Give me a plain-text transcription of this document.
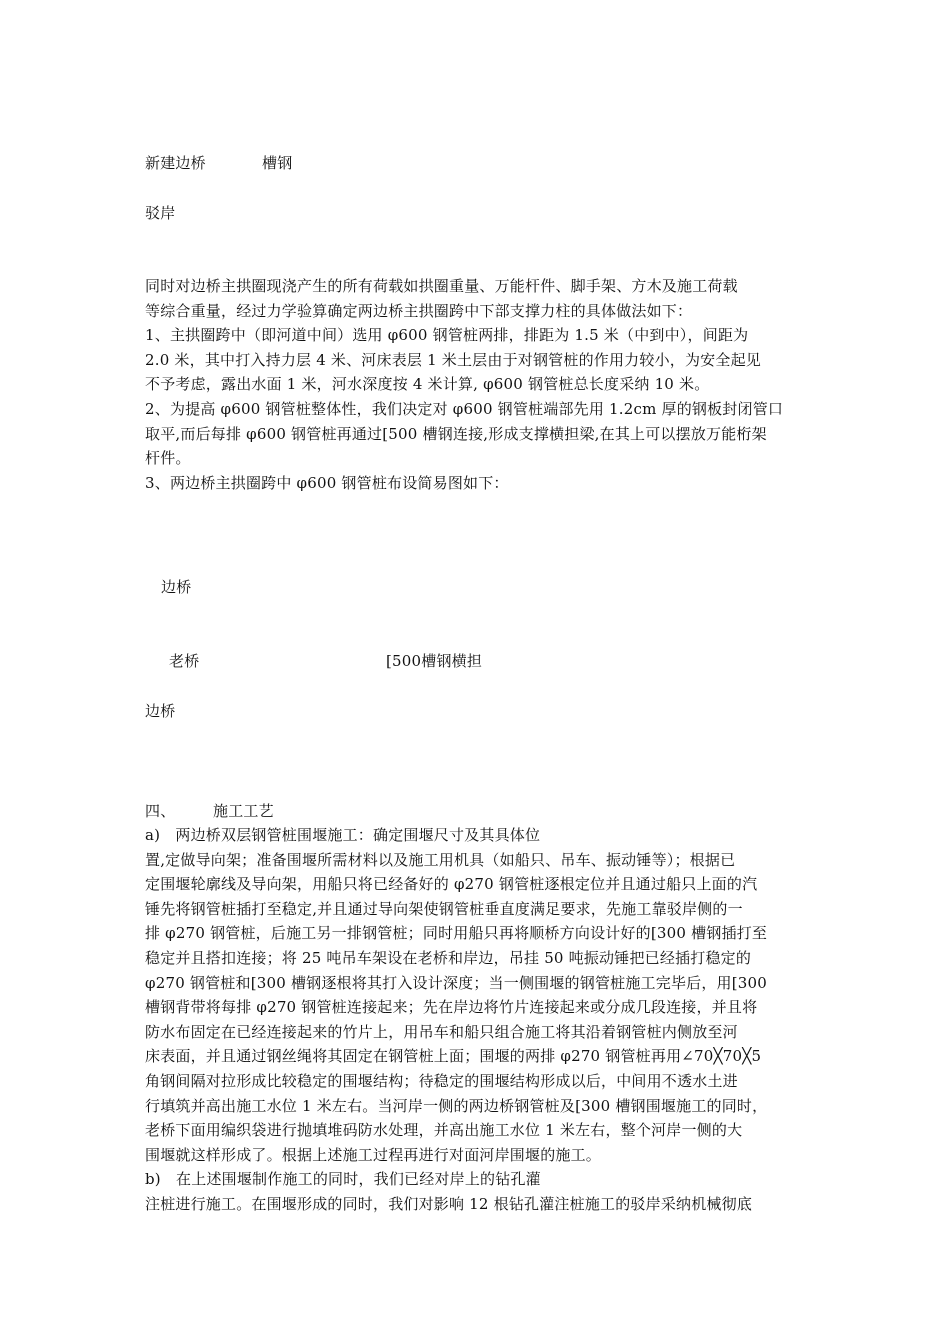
新建边桥	槽钢
驳岸
同时对边桥主拱圈现浇产生的所有荷载如拱圈重量、万能杆件、脚手架、方木及施工荷载
等综合重量，经过力学验算确定两边桥主拱圈跨中下部支撑力柱的具体做法如下：
1、主拱圈跨中（即河道中间）选用 φ600 钢管桩两排，排距为 1.5 米（中到中），间距为
2.0 米，其中打入持力层 4 米、河床表层 1 米土层由于对钢管桩的作用力较小，为安全起见
不予考虑，露出水面 1 米，河水深度按 4 米计算, φ600 钢管桩总长度采纳 10 米。
2、为提高 φ600 钢管桩整体性，我们决定对 φ600 钢管桩端部先用 1.2cm 厚的钢板封闭管口
取平,而后每排 φ600 钢管桩再通过[500 槽钢连接,形成支撑横担梁,在其上可以摆放万能桁架
杆件。
3、两边桥主拱圈跨中 φ600 钢管桩布设简易图如下：
边桥
老桥	[500槽钢横担
边桥
四、	施工工艺
a)　两边桥双层钢管桩围堰施工：确定围堰尺寸及其具体位
置,定做导向架；准备围堰所需材料以及施工用机具（如船只、吊车、振动锤等）；根据已
定围堰轮廓线及导向架，用船只将已经备好的 φ270 钢管桩逐根定位并且通过船只上面的汽
锤先将钢管桩插打至稳定,并且通过导向架使钢管桩垂直度满足要求，先施工靠驳岸侧的一
排 φ270 钢管桩，后施工另一排钢管桩；同时用船只再将顺桥方向设计好的[300 槽钢插打至
稳定并且搭扣连接；将 25 吨吊车架设在老桥和岸边，吊挂 50 吨振动锤把已经插打稳定的
φ270 钢管桩和[300 槽钢逐根将其打入设计深度；当一侧围堰的钢管桩施工完毕后，用[300
槽钢背带将每排 φ270 钢管桩连接起来；先在岸边将竹片连接起来或分成几段连接，并且将
防水布固定在已经连接起来的竹片上，用吊车和船只组合施工将其沿着钢管桩内侧放至河
床表面，并且通过钢丝绳将其固定在钢管桩上面；围堰的两排 φ270 钢管桩再用∠70╳70╳5
角钢间隔对拉形成比较稳定的围堰结构；待稳定的围堰结构形成以后，中间用不透水土进
行填筑并高出施工水位 1 米左右。当河岸一侧的两边桥钢管桩及[300 槽钢围堰施工的同时，
老桥下面用编织袋进行抛填堆码防水处理，并高出施工水位 1 米左右，整个河岸一侧的大
围堰就这样形成了。根据上述施工过程再进行对面河岸围堰的施工。
b)　在上述围堰制作施工的同时，我们已经对岸上的钻孔灌
注桩进行施工。在围堰形成的同时，我们对影响 12 根钻孔灌注桩施工的驳岸采纳机械彻底
